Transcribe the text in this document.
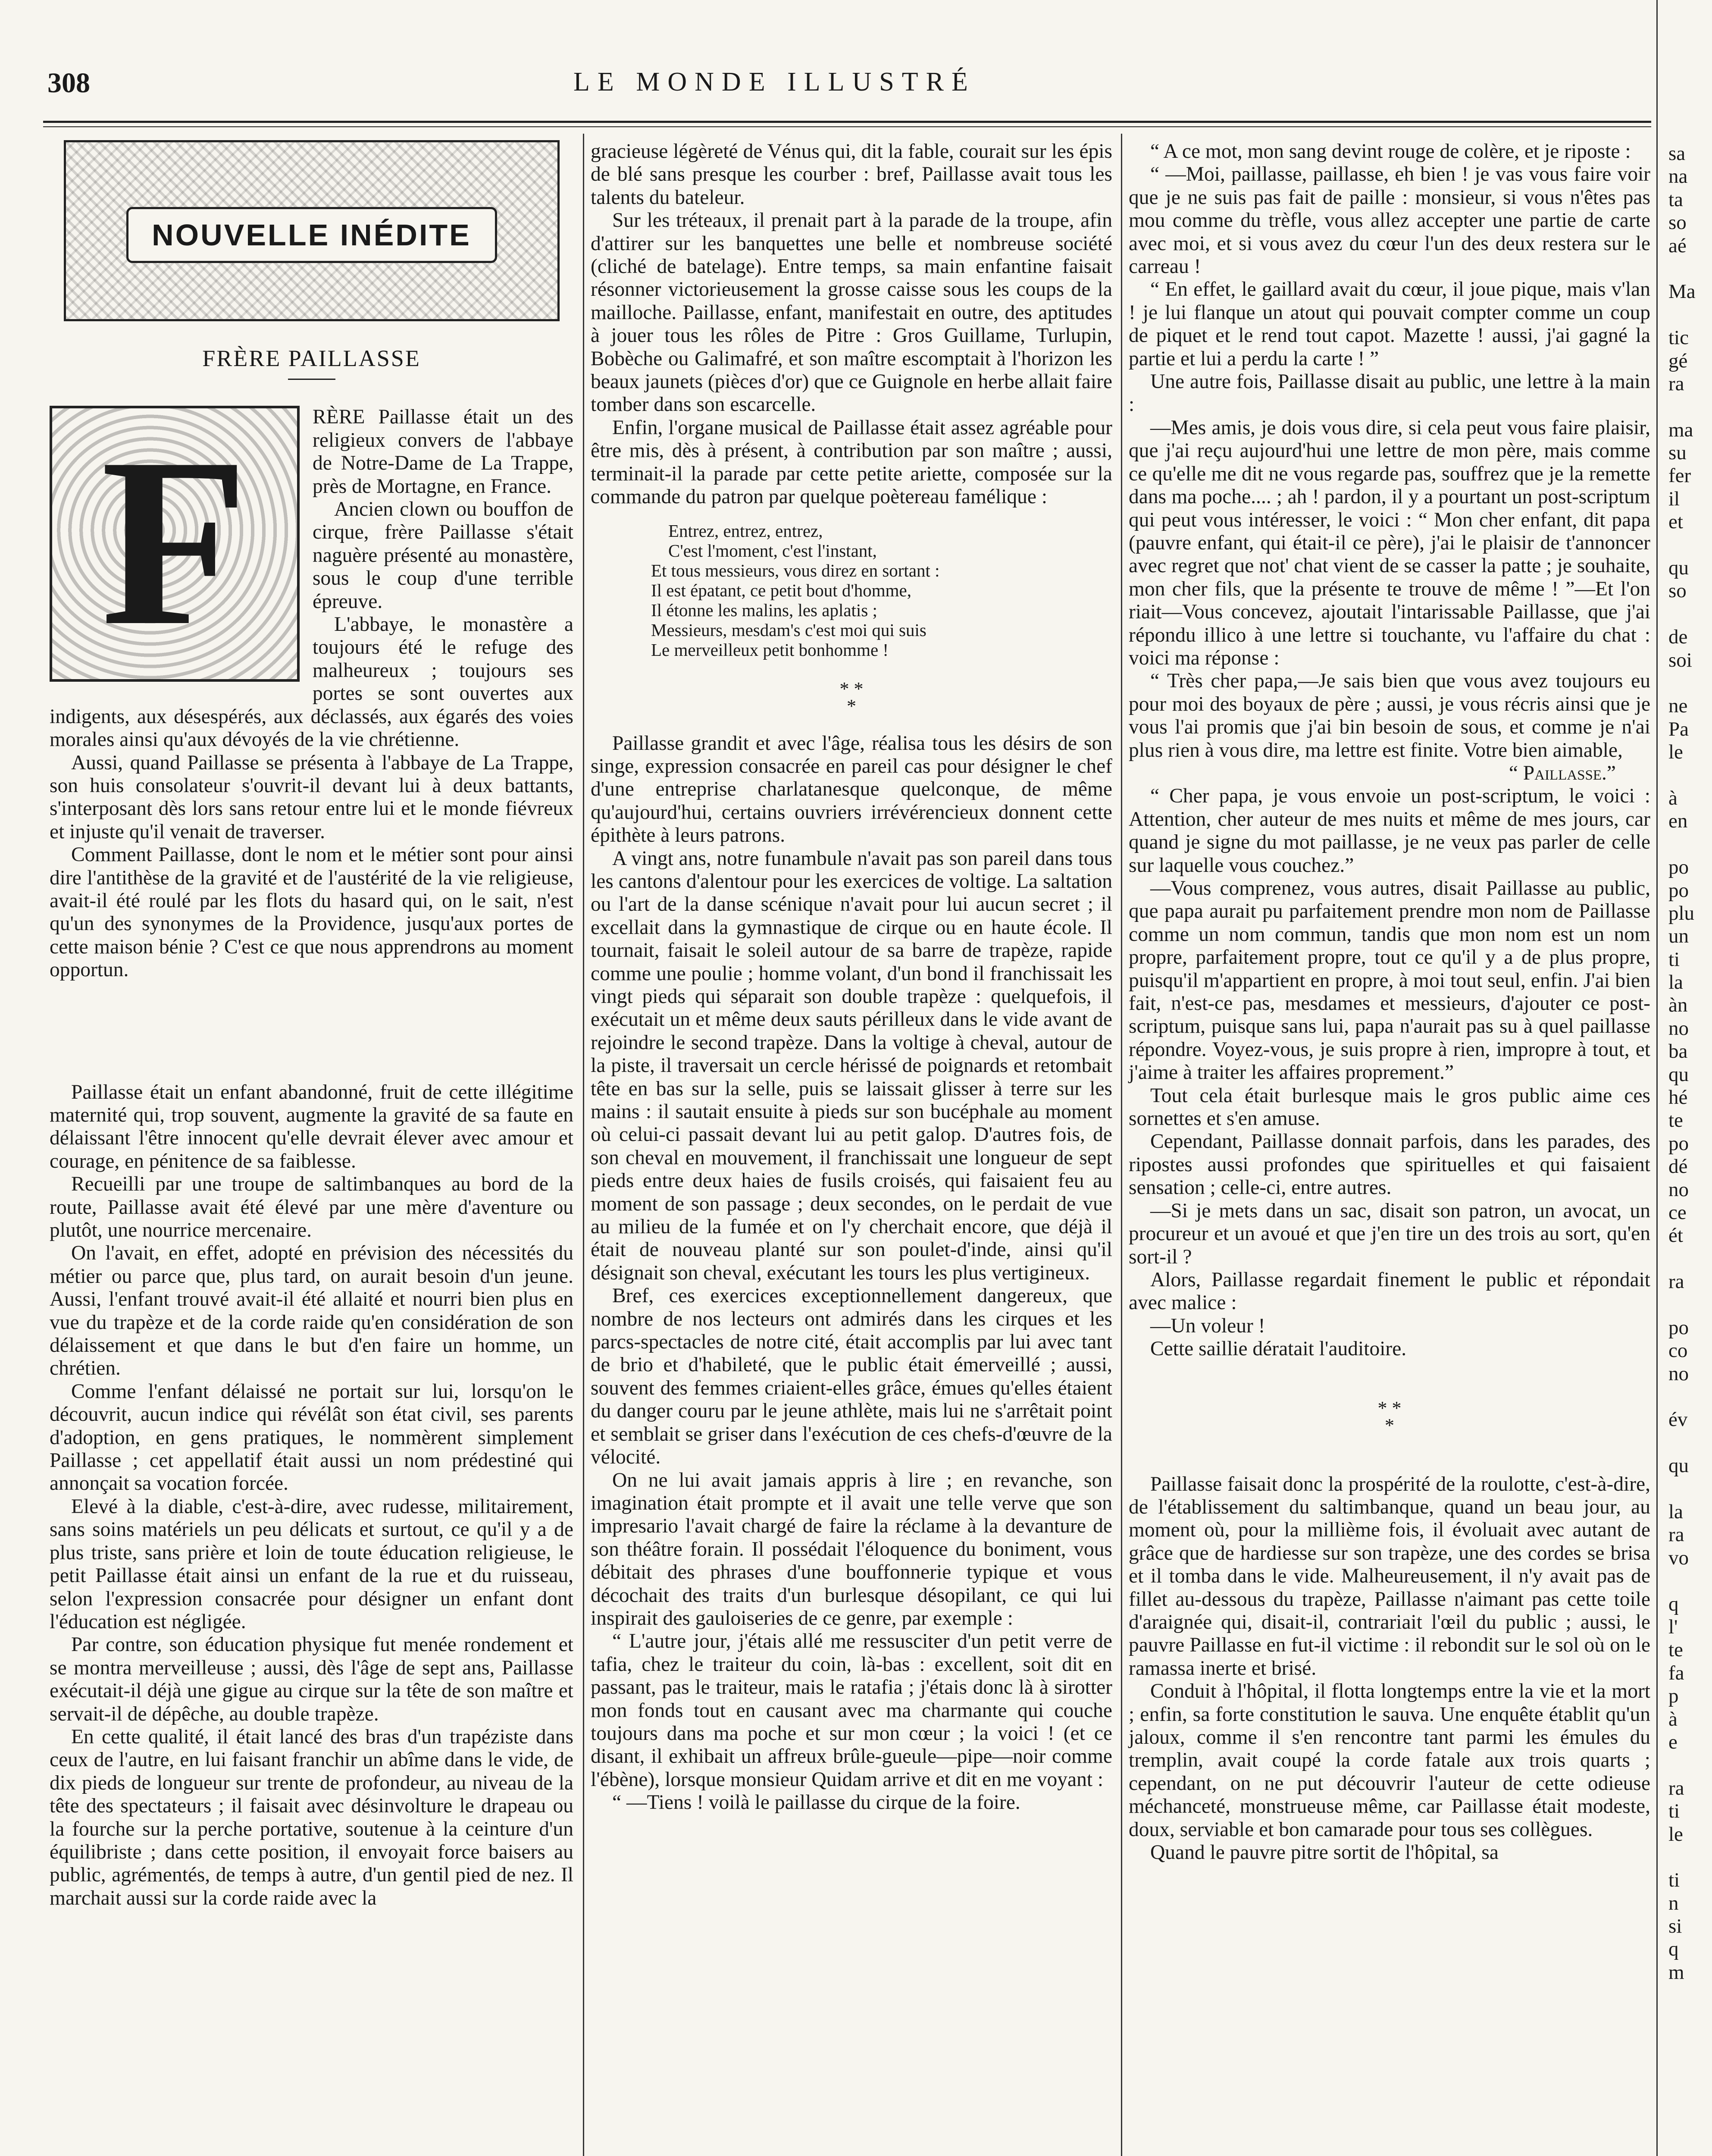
308	LE MONDE ILLUSTRÉ
NOUVELLE INÉDITE
FRÈRE PAILLASSE
F	RÈRE Paillasse était un des religieux convers de l'abbaye de Notre-Dame de La Trappe, près de Mortagne, en France.

Ancien clown ou bouffon de cirque, frère Paillasse s'était naguère présenté au monastère, sous le coup d'une terrible épreuve.

L'abbaye, le monastère a toujours été le refuge des malheureux ; toujours ses portes se sont ouvertes aux indigents, aux désespérés, aux déclassés, aux égarés des voies morales ainsi qu'aux dévoyés de la vie chrétienne.

Aussi, quand Paillasse se présenta à l'abbaye de La Trappe, son huis consolateur s'ouvrit-il devant lui à deux battants, s'interposant dès lors sans retour entre lui et le monde fiévreux et injuste qu'il venait de traverser.

Comment Paillasse, dont le nom et le métier sont pour ainsi dire l'antithèse de la gravité et de l'austérité de la vie religieuse, avait-il été roulé par les flots du hasard qui, on le sait, n'est qu'un des synonymes de la Providence, jusqu'aux portes de cette maison bénie ? C'est ce que nous apprendrons au moment opportun.

Paillasse était un enfant abandonné, fruit de cette illégitime maternité qui, trop souvent, augmente la gravité de sa faute en délaissant l'être innocent qu'elle devrait élever avec amour et courage, en pénitence de sa faiblesse.

Recueilli par une troupe de saltimbanques au bord de la route, Paillasse avait été élevé par une mère d'aventure ou plutôt, une nourrice mercenaire.

On l'avait, en effet, adopté en prévision des nécessités du métier ou parce que, plus tard, on aurait besoin d'un jeune. Aussi, l'enfant trouvé avait-il été allaité et nourri bien plus en vue du trapèze et de la corde raide qu'en considération de son délaissement et que dans le but d'en faire un homme, un chrétien.

Comme l'enfant délaissé ne portait sur lui, lorsqu'on le découvrit, aucun indice qui révélât son état civil, ses parents d'adoption, en gens pratiques, le nommèrent simplement Paillasse ; cet appellatif était aussi un nom prédestiné qui annonçait sa vocation forcée.

Elevé à la diable, c'est-à-dire, avec rudesse, militairement, sans soins matériels un peu délicats et surtout, ce qu'il y a de plus triste, sans prière et loin de toute éducation religieuse, le petit Paillasse était ainsi un enfant de la rue et du ruisseau, selon l'expression consacrée pour désigner un enfant dont l'éducation est négligée.

Par contre, son éducation physique fut menée rondement et se montra merveilleuse ; aussi, dès l'âge de sept ans, Paillasse exécutait-il déjà une gigue au cirque sur la tête de son maître et servait-il de dépêche, au double trapèze.

En cette qualité, il était lancé des bras d'un trapéziste dans ceux de l'autre, en lui faisant franchir un abîme dans le vide, de dix pieds de longueur sur trente de profondeur, au niveau de la tête des spectateurs ; il faisait avec désinvolture le drapeau ou la fourche sur la perche portative, soutenue à la ceinture d'un équilibriste ; dans cette position, il envoyait force baisers au public, agrémentés, de temps à autre, d'un gentil pied de nez. Il marchait aussi sur la corde raide avec la

gracieuse légèreté de Vénus qui, dit la fable, courait sur les épis de blé sans presque les courber : bref, Paillasse avait tous les talents du bateleur.

Sur les tréteaux, il prenait part à la parade de la troupe, afin d'attirer sur les banquettes une belle et nombreuse société (cliché de batelage). Entre temps, sa main enfantine faisait résonner victorieusement la grosse caisse sous les coups de la mailloche. Paillasse, enfant, manifestait en outre, des aptitudes à jouer tous les rôles de Pitre : Gros Guillame, Turlupin, Bobèche ou Galimafré, et son maître escomptait à l'horizon les beaux jaunets (pièces d'or) que ce Guignole en herbe allait faire tomber dans son escarcelle.

Enfin, l'organe musical de Paillasse était assez agréable pour être mis, dès à présent, à contribution par son maître ; aussi, terminait-il la parade par cette petite ariette, composée sur la commande du patron par quelque poètereau famélique :

Entrez, entrez, entrez,
C'est l'moment, c'est l'instant,
Et tous messieurs, vous direz en sortant :
Il est épatant, ce petit bout d'homme,
Il étonne les malins, les aplatis ;
Messieurs, mesdam's c'est moi qui suis
Le merveilleux petit bonhomme !
* *
*

Paillasse grandit et avec l'âge, réalisa tous les désirs de son singe, expression consacrée en pareil cas pour désigner le chef d'une entreprise charlatanesque quelconque, de même qu'aujourd'hui, certains ouvriers irrévérencieux donnent cette épithète à leurs patrons.

A vingt ans, notre funambule n'avait pas son pareil dans tous les cantons d'alentour pour les exercices de voltige. La saltation ou l'art de la danse scénique n'avait pour lui aucun secret ; il excellait dans la gymnastique de cirque ou en haute école. Il tournait, faisait le soleil autour de sa barre de trapèze, rapide comme une poulie ; homme volant, d'un bond il franchissait les vingt pieds qui séparait son double trapèze : quelquefois, il exécutait un et même deux sauts périlleux dans le vide avant de rejoindre le second trapèze. Dans la voltige à cheval, autour de la piste, il traversait un cercle hérissé de poignards et retombait tête en bas sur la selle, puis se laissait glisser à terre sur les mains : il sautait ensuite à pieds sur son bucéphale au moment où celui-ci passait devant lui au petit galop. D'autres fois, de son cheval en mouvement, il franchissait une longueur de sept pieds entre deux haies de fusils croisés, qui faisaient feu au moment de son passage ; deux secondes, on le perdait de vue au milieu de la fumée et on l'y cherchait encore, que déjà il était de nouveau planté sur son poulet-d'inde, ainsi qu'il désignait son cheval, exécutant les tours les plus vertigineux.

Bref, ces exercices exceptionnellement dangereux, que nombre de nos lecteurs ont admirés dans les cirques et les parcs-spectacles de notre cité, était accomplis par lui avec tant de brio et d'habileté, que le public était émerveillé ; aussi, souvent des femmes criaient-elles grâce, émues qu'elles étaient du danger couru par le jeune athlète, mais lui ne s'arrêtait point et semblait se griser dans l'exécution de ces chefs-d'œuvre de la vélocité.

On ne lui avait jamais appris à lire ; en revanche, son imagination était prompte et il avait une telle verve que son impresario l'avait chargé de faire la réclame à la devanture de son théâtre forain. Il possédait l'éloquence du boniment, vous débitait des phrases d'une bouffonnerie typique et vous décochait des traits d'un burlesque désopilant, ce qui lui inspirait des gauloiseries de ce genre, par exemple :

“ L'autre jour, j'étais allé me ressusciter d'un petit verre de tafia, chez le traiteur du coin, là-bas : excellent, soit dit en passant, pas le traiteur, mais le ratafia ; j'étais donc là à sirotter mon fonds tout en causant avec ma charmante qui couche toujours dans ma poche et sur mon cœur ; la voici ! (et ce disant, il exhibait un affreux brûle-gueule—pipe—noir comme l'ébène), lorsque monsieur Quidam arrive et dit en me voyant :

“ —Tiens ! voilà le paillasse du cirque de la foire.

“ A ce mot, mon sang devint rouge de colère, et je riposte :

“ —Moi, paillasse, paillasse, eh bien ! je vas vous faire voir que je ne suis pas fait de paille : monsieur, si vous n'êtes pas mou comme du trèfle, vous allez accepter une partie de carte avec moi, et si vous avez du cœur l'un des deux restera sur le carreau !

“ En effet, le gaillard avait du cœur, il joue pique, mais v'lan ! je lui flanque un atout qui pouvait compter comme un coup de piquet et le rend tout capot. Mazette ! aussi, j'ai gagné la partie et lui a perdu la carte ! ”

Une autre fois, Paillasse disait au public, une lettre à la main :

—Mes amis, je dois vous dire, si cela peut vous faire plaisir, que j'ai reçu aujourd'hui une lettre de mon père, mais comme ce qu'elle me dit ne vous regarde pas, souffrez que je la remette dans ma poche.... ; ah ! pardon, il y a pourtant un post-scriptum qui peut vous intéresser, le voici : “ Mon cher enfant, dit papa (pauvre enfant, qui était-il ce père), j'ai le plaisir de t'annoncer avec regret que not' chat vient de se casser la patte ; je souhaite, mon cher fils, que la présente te trouve de même ! ”—Et l'on riait—Vous concevez, ajoutait l'intarissable Paillasse, que j'ai répondu illico à une lettre si touchante, vu l'affaire du chat : voici ma réponse :

“ Très cher papa,—Je sais bien que vous avez toujours eu pour moi des boyaux de père ; aussi, je vous récris ainsi que je vous l'ai promis que j'ai bin besoin de sous, et comme je n'ai plus rien à vous dire, ma lettre est finite. Votre bien aimable,

“ Paillasse.”

“ Cher papa, je vous envoie un post-scriptum, le voici : Attention, cher auteur de mes nuits et même de mes jours, car quand je signe du mot paillasse, je ne veux pas parler de celle sur laquelle vous couchez.”

—Vous comprenez, vous autres, disait Paillasse au public, que papa aurait pu parfaitement prendre mon nom de Paillasse comme un nom commun, tandis que mon nom est un nom propre, parfaitement propre, tout ce qu'il y a de plus propre, puisqu'il m'appartient en propre, à moi tout seul, enfin. J'ai bien fait, n'est-ce pas, mesdames et messieurs, d'ajouter ce post-scriptum, puisque sans lui, papa n'aurait pas su à quel paillasse répondre. Voyez-vous, je suis propre à rien, impropre à tout, et j'aime à traiter les affaires proprement.”

Tout cela était burlesque mais le gros public aime ces sornettes et s'en amuse.

Cependant, Paillasse donnait parfois, dans les parades, des ripostes aussi profondes que spirituelles et qui faisaient sensation ; celle-ci, entre autres.

—Si je mets dans un sac, disait son patron, un avocat, un procureur et un avoué et que j'en tire un des trois au sort, qu'en sort-il ?

Alors, Paillasse regardait finement le public et répondait avec malice :

—Un voleur !

Cette saillie dératait l'auditoire.

* *
*

Paillasse faisait donc la prospérité de la roulotte, c'est-à-dire, de l'établissement du saltimbanque, quand un beau jour, au moment où, pour la millième fois, il évoluait avec autant de grâce que de hardiesse sur son trapèze, une des cordes se brisa et il tomba dans le vide. Malheureusement, il n'y avait pas de fillet au-dessous du trapèze, Paillasse n'aimant pas cette toile d'araignée qui, disait-il, contrariait l'œil du public ; aussi, le pauvre Paillasse en fut-il victime : il rebondit sur le sol où on le ramassa inerte et brisé.

Conduit à l'hôpital, il flotta longtemps entre la vie et la mort ; enfin, sa forte constitution le sauva. Une enquête établit qu'un jaloux, comme il s'en rencontre tant parmi les émules du tremplin, avait coupé la corde fatale aux trois quarts ; cependant, on ne put découvrir l'auteur de cette odieuse méchanceté, monstrueuse même, car Paillasse était modeste, doux, serviable et bon camarade pour tous ses collègues.

Quand le pauvre pitre sortit de l'hôpital, sa

sa
na
ta
so
aé
Ma
tic
gé
ra
ma
su
fer
il
et
qu
so
de
soi
ne
Pa
le
à
en
po
po
plu
un
ti
la
àn
no
ba
qu
hé
te
po
dé
no
ce
ét
ra
po
co
no
év
qu
la
ra
vo
q
l'
te
fa
p
à
e
ra
ti
le
ti
n
si
q
m
